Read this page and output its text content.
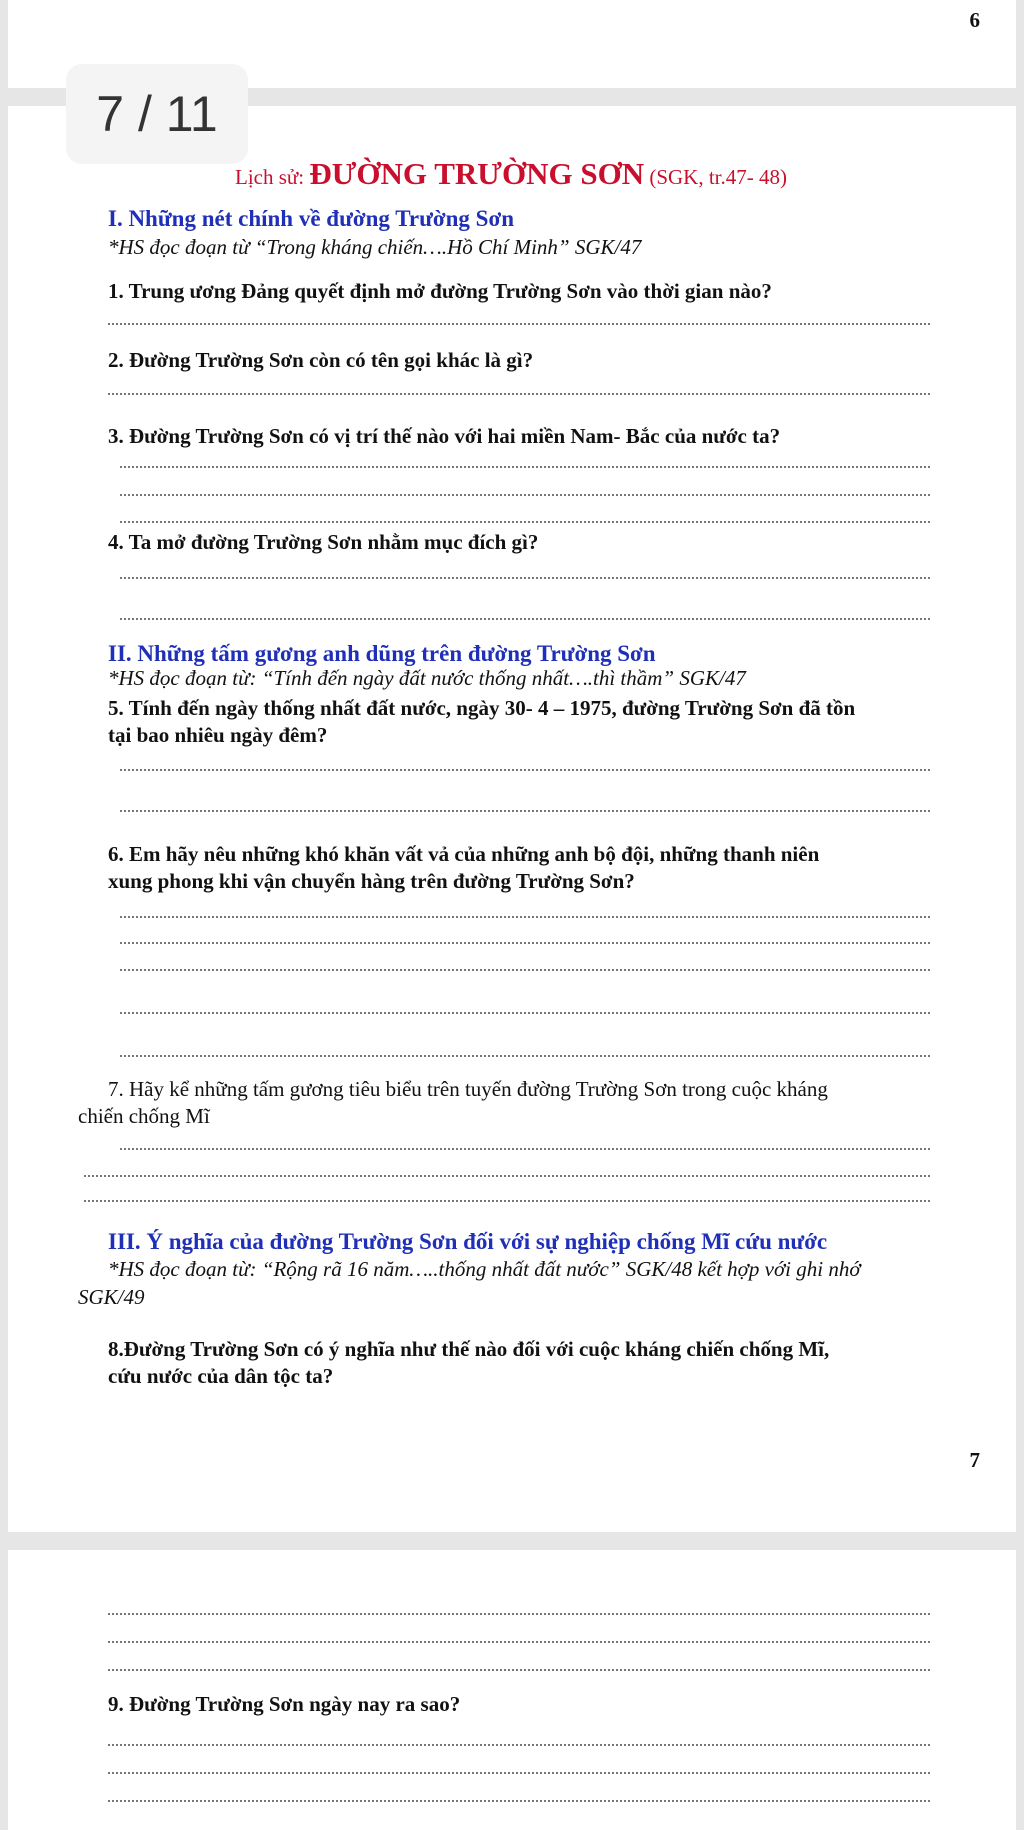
6
7 / 11
7
Lịch sử: ĐƯỜNG TRƯỜNG SƠN (SGK, tr.47- 48)
I. Những nét chính về đường Trường Sơn
*HS đọc đoạn từ “Trong kháng chiến….Hồ Chí Minh” SGK/47
1. Trung ương Đảng quyết định mở đường Trường Sơn vào thời gian nào?
2. Đường Trường Sơn còn có tên gọi khác là gì?
3. Đường Trường Sơn có vị trí thế nào với hai miền Nam- Bắc của nước ta?
4. Ta mở đường Trường Sơn nhằm mục đích gì?
II. Những tấm gương anh dũng trên đường Trường Sơn
*HS đọc đoạn từ: “Tính đến ngày đất nước thống nhất….thì thầm” SGK/47
5. Tính đến ngày thống nhất đất nước, ngày 30- 4 – 1975, đường Trường Sơn đã tồn
tại bao nhiêu ngày đêm?
6. Em hãy nêu những khó khăn vất vả của những anh bộ đội, những thanh niên
xung phong khi vận chuyển hàng trên đường Trường Sơn?
7. Hãy kể những tấm gương tiêu biểu trên tuyến đường Trường Sơn trong cuộc kháng
chiến chống Mĩ
III. Ý nghĩa của đường Trường Sơn đối với sự nghiệp chống Mĩ cứu nước
*HS đọc đoạn từ: “Rộng rã 16 năm…..thống nhất đất nước” SGK/48 kết hợp với ghi nhớ
SGK/49
8.Đường Trường Sơn có ý nghĩa như thế nào đối với cuộc kháng chiến chống Mĩ,
cứu nước của dân tộc ta?
9. Đường Trường Sơn ngày nay ra sao?
